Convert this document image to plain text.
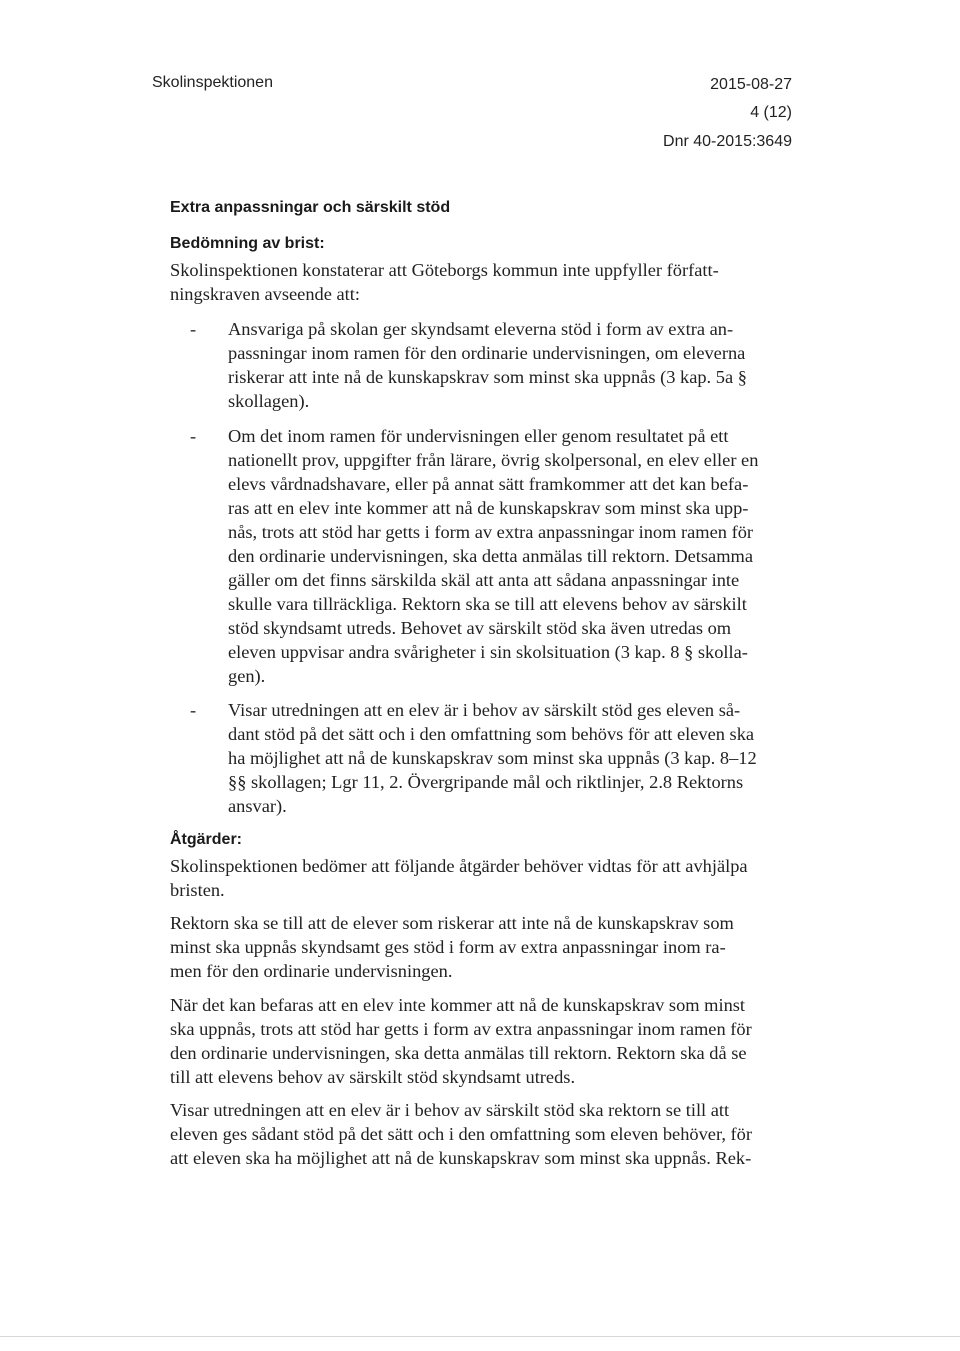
Skolinspektionen	2015-08-27
4 (12)
Dnr 40-2015:3649
Extra anpassningar och särskilt stöd
Bedömning av brist:
Skolinspektionen konstaterar att Göteborgs kommun inte uppfyller författ-
ningskraven avseende att:
- Ansvariga på skolan ger skyndsamt eleverna stöd i form av extra an-
passningar inom ramen för den ordinarie undervisningen, om eleverna
riskerar att inte nå de kunskapskrav som minst ska uppnås (3 kap. 5a §
skollagen).
- Om det inom ramen för undervisningen eller genom resultatet på ett
nationellt prov, uppgifter från lärare, övrig skolpersonal, en elev eller en
elevs vårdnadshavare, eller på annat sätt framkommer att det kan befa-
ras att en elev inte kommer att nå de kunskapskrav som minst ska upp-
nås, trots att stöd har getts i form av extra anpassningar inom ramen för
den ordinarie undervisningen, ska detta anmälas till rektorn. Detsamma
gäller om det finns särskilda skäl att anta att sådana anpassningar inte
skulle vara tillräckliga. Rektorn ska se till att elevens behov av särskilt
stöd skyndsamt utreds. Behovet av särskilt stöd ska även utredas om
eleven uppvisar andra svårigheter i sin skolsituation (3 kap. 8 § skolla-
gen).
- Visar utredningen att en elev är i behov av särskilt stöd ges eleven så-
dant stöd på det sätt och i den omfattning som behövs för att eleven ska
ha möjlighet att nå de kunskapskrav som minst ska uppnås (3 kap. 8–12
§§ skollagen; Lgr 11, 2. Övergripande mål och riktlinjer, 2.8 Rektorns
ansvar).
Åtgärder:
Skolinspektionen bedömer att följande åtgärder behöver vidtas för att avhjälpa
bristen.
Rektorn ska se till att de elever som riskerar att inte nå de kunskapskrav som
minst ska uppnås skyndsamt ges stöd i form av extra anpassningar inom ra-
men för den ordinarie undervisningen.
När det kan befaras att en elev inte kommer att nå de kunskapskrav som minst
ska uppnås, trots att stöd har getts i form av extra anpassningar inom ramen för
den ordinarie undervisningen, ska detta anmälas till rektorn. Rektorn ska då se
till att elevens behov av särskilt stöd skyndsamt utreds.
Visar utredningen att en elev är i behov av särskilt stöd ska rektorn se till att
eleven ges sådant stöd på det sätt och i den omfattning som eleven behöver, för
att eleven ska ha möjlighet att nå de kunskapskrav som minst ska uppnås. Rek-
